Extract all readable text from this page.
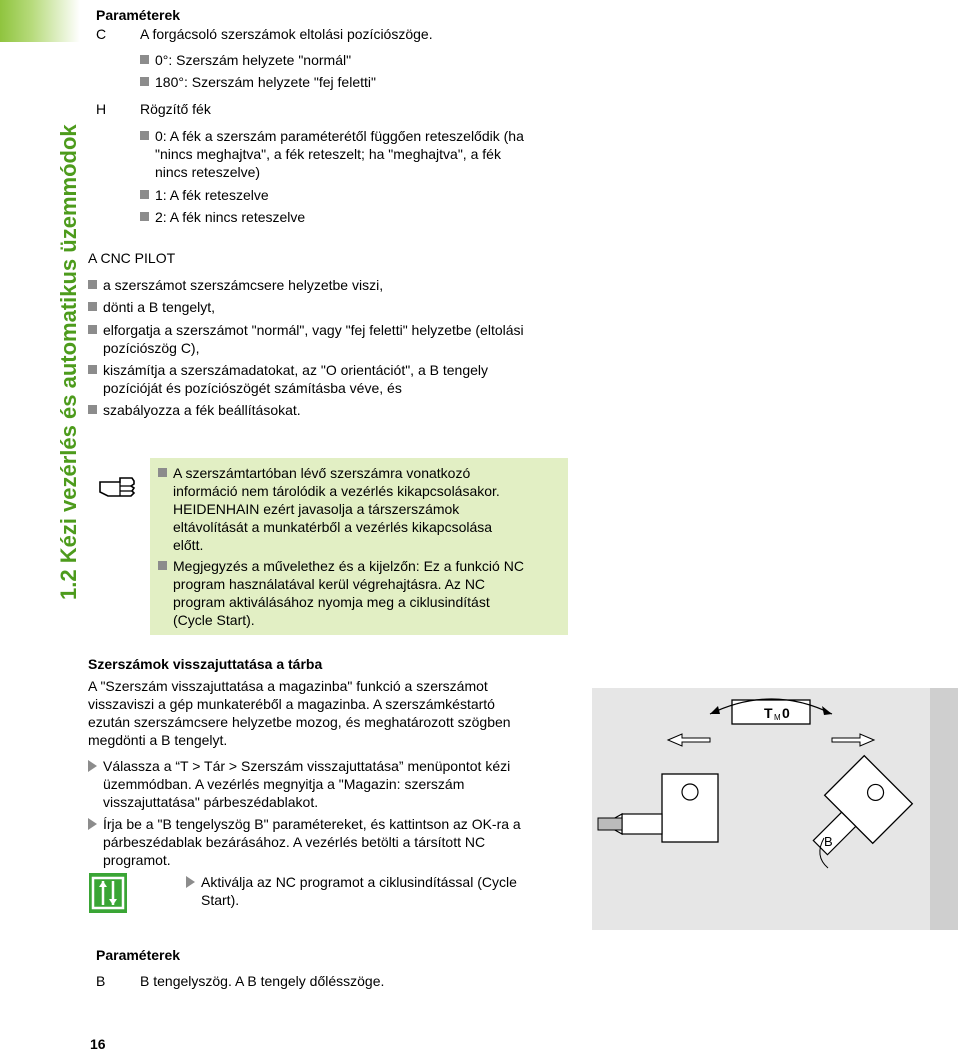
1.2 Kézi vezérlés és automatikus üzemmódok
Paraméterek
C A forgácsoló szerszámok eltolási pozíciószöge.
0°: Szerszám helyzete "normál"
180°: Szerszám helyzete "fej feletti"
H Rögzítő fék
0: A fék a szerszám paraméterétől függően reteszelődik (ha
"nincs meghajtva", a fék reteszelt; ha "meghajtva", a fék
nincs reteszelve)
1: A fék reteszelve
2: A fék nincs reteszelve
A CNC PILOT
a szerszámot szerszámcsere helyzetbe viszi,
dönti a B tengelyt,
elforgatja a szerszámot "normál", vagy "fej feletti" helyzetbe (eltolási
pozíciószög C),
kiszámítja a szerszámadatokat, az "O orientációt", a B tengely
pozícióját és pozíciószögét számításba véve, és
szabályozza a fék beállításokat.
A szerszámtartóban lévő szerszámra vonatkozó
információ nem tárolódik a vezérlés kikapcsolásakor.
HEIDENHAIN ezért javasolja a társzerszámok
eltávolítását a munkatérből a vezérlés kikapcsolása
előtt.
Megjegyzés a művelethez és a kijelzőn: Ez a funkció NC
program használatával kerül végrehajtásra. Az NC
program aktiválásához nyomja meg a ciklusindítást
(Cycle Start).
Szerszámok visszajuttatása a tárba
A "Szerszám visszajuttatása a magazinba" funkció a szerszámot
visszaviszi a gép munkateréből a magazinba. A szerszámkéstartó
ezután szerszámcsere helyzetbe mozog, és meghatározott szögben
megdönti a B tengelyt.
Válassza a “T > Tár > Szerszám visszajuttatása” menüpontot kézi
üzemmódban. A vezérlés megnyitja a "Magazin: szerszám
visszajuttatása" párbeszédablakot.
Írja be a "B tengelyszög B" paramétereket, és kattintson az OK-ra a
párbeszédablak bezárásához. A vezérlés betölti a társított NC
programot.
Aktiválja az NC programot a ciklusindítással (Cycle
Start).
T M 0
B
Paraméterek
B B tengelyszög. A B tengely dőlésszöge.
16
